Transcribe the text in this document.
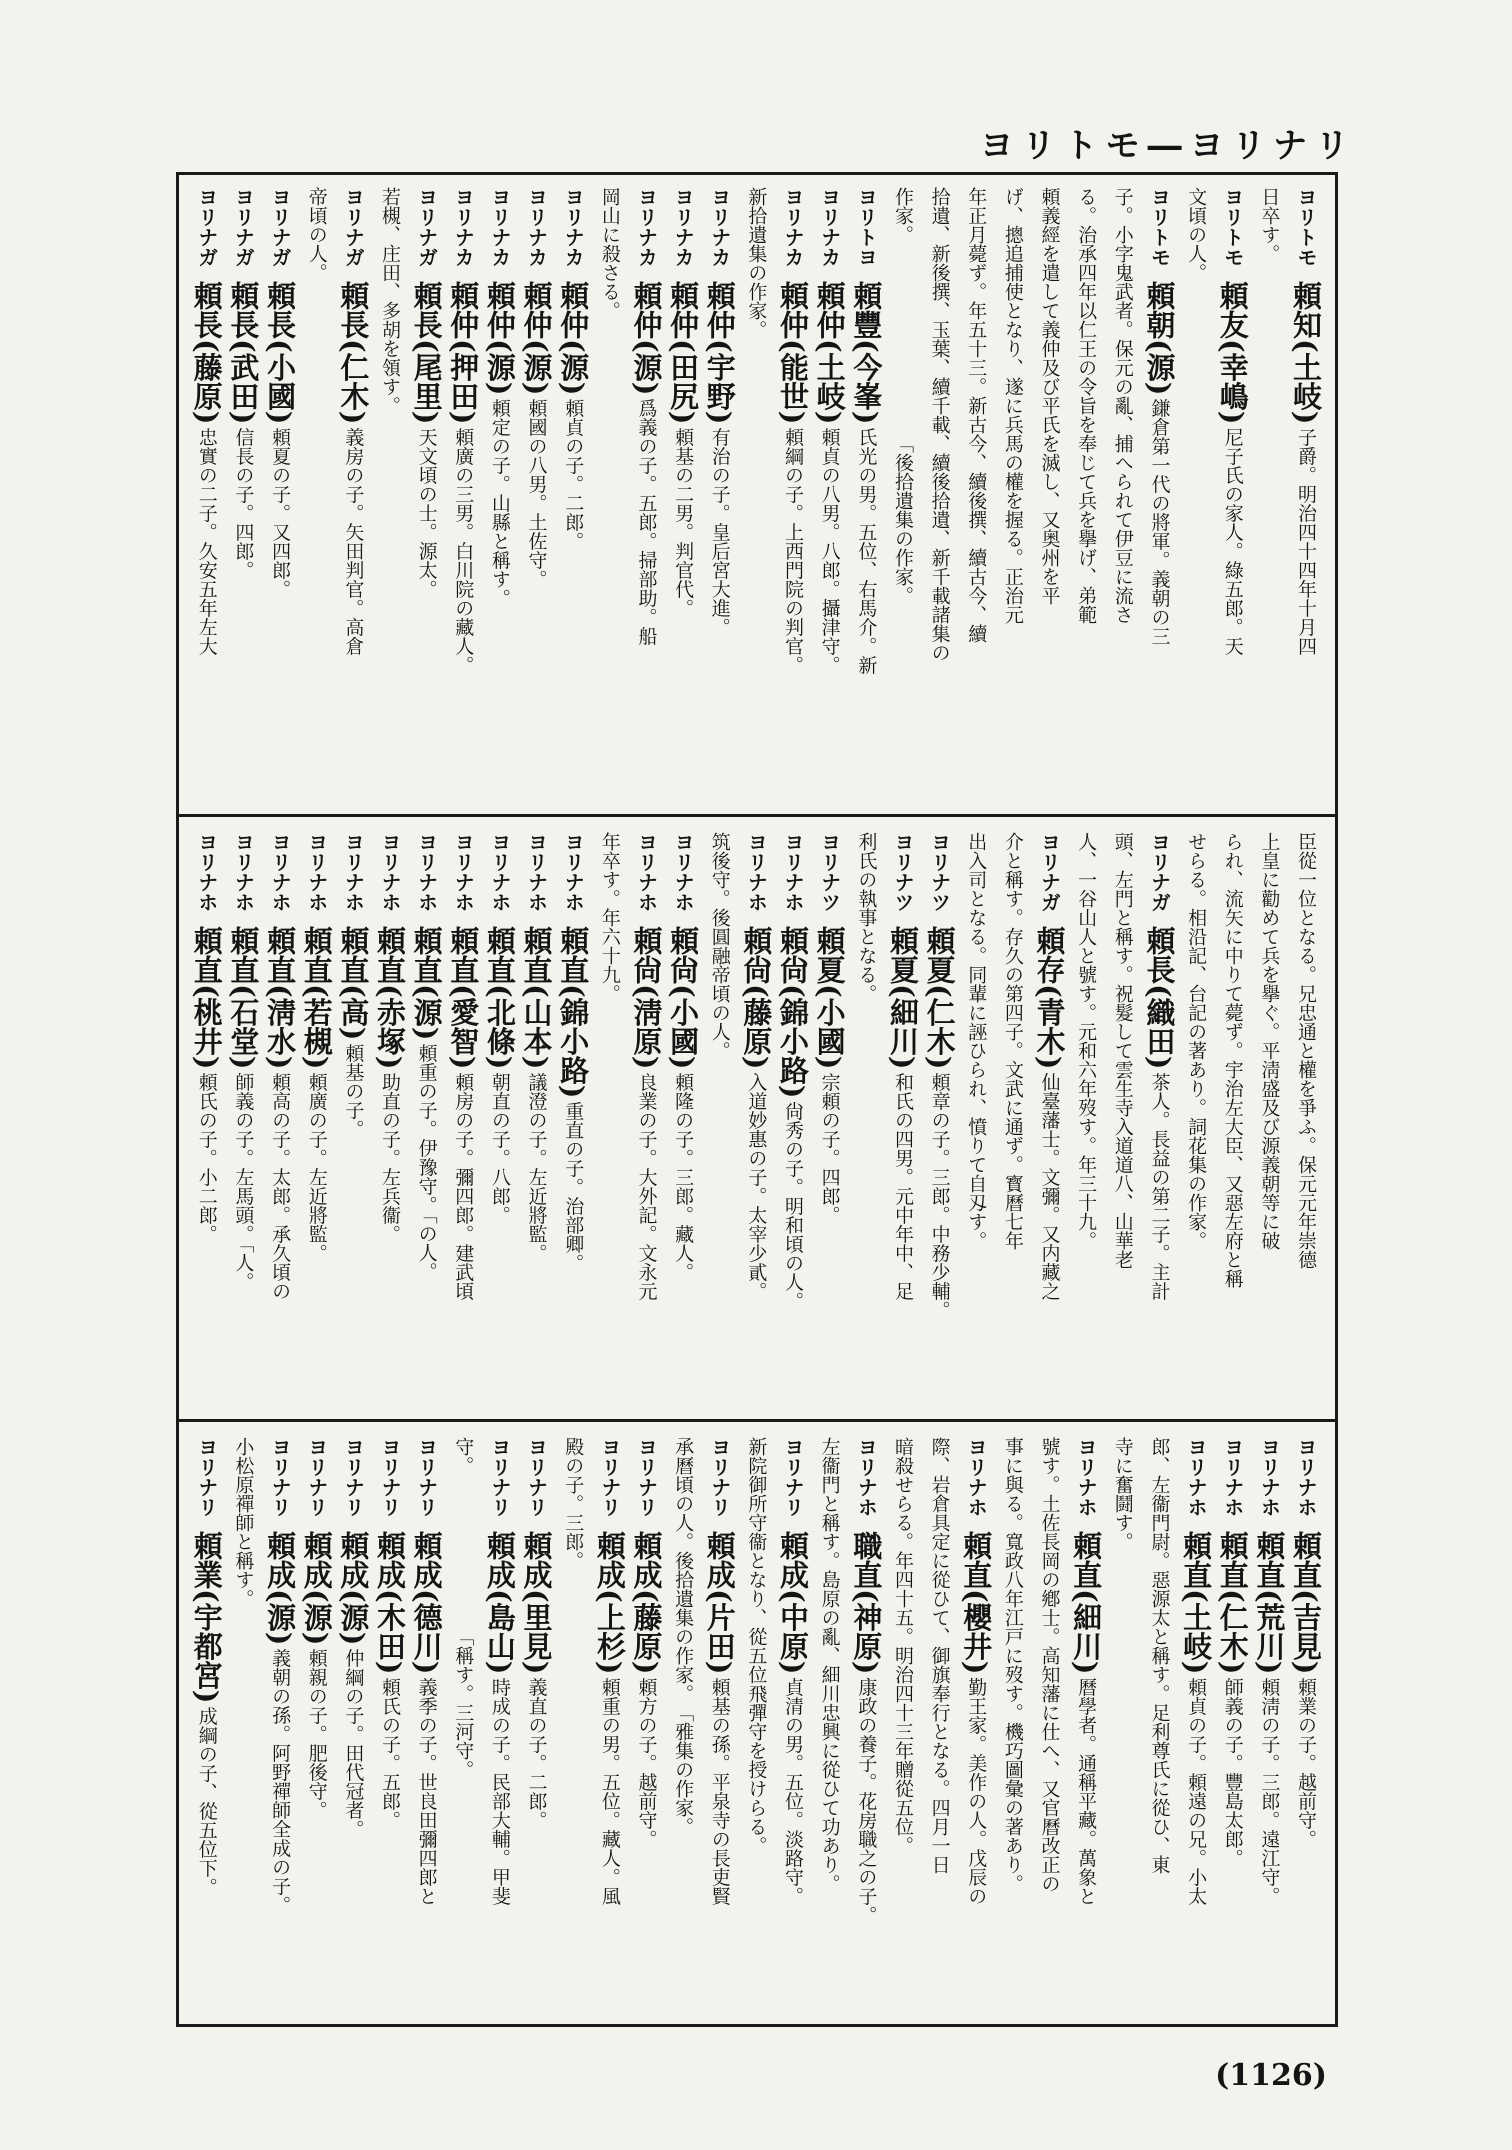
ヨリトモ―ヨリナリ
ヨリトモ頼知(土岐)子爵。明治四十四年十月四
日卒す。
ヨリトモ頼友(幸嶋)尼子氏の家人。綠五郎。天
文頃の人。
ヨリトモ頼朝(源)鎌倉第一代の將軍。義朝の三
子。小字鬼武者。保元の亂、捕へられて伊豆に流さ
る。治承四年以仁王の令旨を奉じて兵を擧げ、弟範
頼義經を遣して義仲及び平氏を滅し、又奥州を平
げ、摠追捕使となり、遂に兵馬の權を握る。正治元
年正月薨ず。年五十三。新古今、續後撰、續古今、續
拾遺、新後撰、玉葉、續千載、續後拾遺、新千載諸集の
作家。　　　　　　　　　　　「後拾遺集の作家。
ヨリトヨ頼豐(今峯)氏光の男。五位、右馬介。新
ヨリナカ頼仲(土岐)頼貞の八男。八郎。攝津守。
ヨリナカ頼仲(能世)頼綱の子。上西門院の判官。
新拾遺集の作家。
ヨリナカ頼仲(宇野)有治の子。皇后宮大進。
ヨリナカ頼仲(田尻)頼基の二男。判官代。
ヨリナカ頼仲(源)爲義の子。五郎。掃部助。船
岡山に殺さる。
ヨリナカ頼仲(源)頼貞の子。二郎。
ヨリナカ頼仲(源)頼國の八男。土佐守。
ヨリナカ頼仲(源)頼定の子。山縣と稱す。
ヨリナカ頼仲(押田)頼廣の三男。白川院の藏人。
ヨリナガ頼長(尾里)天文頃の士。源太。
若槻、庄田、多胡を領す。
ヨリナガ頼長(仁木)義房の子。矢田判官。高倉
帝頃の人。
ヨリナガ頼長(小國)頼夏の子。又四郎。
ヨリナガ頼長(武田)信長の子。四郎。
ヨリナガ頼長(藤原)忠實の二子。久安五年左大
臣從一位となる。兄忠通と權を爭ふ。保元元年崇德
上皇に勸めて兵を擧ぐ。平淸盛及び源義朝等に破
られ、流矢に中りて薨ず。宇治左大臣、又惡左府と稱
せらる。相沿記、台記の著あり。詞花集の作家。
ヨリナガ頼長(織田)茶人。長益の第二子。主計
頭、左門と稱す。祝髮して雲生寺入道道八、山華老
人、一谷山人と號す。元和六年歿す。年三十九。
ヨリナガ頼存(青木)仙臺藩士。文彌。又内藏之
介と稱す。存久の第四子。文武に通ず。寳曆七年
出入司となる。同輩に誣ひられ、憤りて自刄す。
ヨリナツ頼夏(仁木)頼章の子。三郎。中務少輔。
ヨリナツ頼夏(細川)和氏の四男。元中年中、足
利氏の執事となる。
ヨリナツ頼夏(小國)宗頼の子。四郎。
ヨリナホ頼尙(錦小路)尙秀の子。明和頃の人。
ヨリナホ頼尙(藤原)入道妙惠の子。太宰少貳。
筑後守。後圓融帝頃の人。
ヨリナホ頼尙(小國)頼隆の子。三郎。藏人。
ヨリナホ頼尙(淸原)良業の子。大外記。文永元
年卒す。年六十九。
ヨリナホ頼直(錦小路)重直の子。治部卿。
ヨリナホ頼直(山本)議澄の子。左近將監。
ヨリナホ頼直(北條)朝直の子。八郎。
ヨリナホ頼直(愛智)頼房の子。彌四郎。建武頃
ヨリナホ頼直(源)頼重の子。伊豫守。「の人。
ヨリナホ頼直(赤塚)助直の子。左兵衞。
ヨリナホ頼直(高)頼基の子。
ヨリナホ頼直(若槻)頼廣の子。左近將監。
ヨリナホ頼直(淸水)頼高の子。太郎。承久頃の
ヨリナホ頼直(石堂)師義の子。左馬頭。「人。
ヨリナホ頼直(桃井)頼氏の子。小二郎。
ヨリナホ頼直(吉見)頼業の子。越前守。
ヨリナホ頼直(荒川)頼淸の子。三郎。遠江守。
ヨリナホ頼直(仁木)師義の子。豐島太郎。
ヨリナホ頼直(土岐)頼貞の子。頼遠の兄。小太
郎、左衞門尉。惡源太と稱す。足利尊氏に從ひ、東
寺に奮鬪す。
ヨリナホ頼直(細川)曆學者。通稱平藏。萬象と
號す。土佐長岡の鄕士。高知藩に仕へ、又官曆改正の
事に與る。寬政八年江戸に歿す。機巧圖彙の著あり。
ヨリナホ頼直(櫻井)勤王家。美作の人。戊辰の
際、岩倉具定に從ひて、御旗奉行となる。四月一日
暗殺せらる。年四十五。明治四十三年贈從五位。
ヨリナホ職直(神原)康政の養子。花房職之の子。
左衞門と稱す。島原の亂、細川忠興に從ひて功あり。
ヨリナリ頼成(中原)貞清の男。五位。淡路守。
新院御所守衞となり、從五位飛彈守を授けらる。
ヨリナリ頼成(片田)頼基の孫。平泉寺の長吏賢
承曆頃の人。後拾遺集の作家。　「雅集の作家。
ヨリナリ頼成(藤原)頼方の子。越前守。
ヨリナリ頼成(上杉)頼重の男。五位。藏人。風
殿の子。三郎。
ヨリナリ頼成(里見)義直の子。二郎。
ヨリナリ頼成(島山)時成の子。民部大輔。甲斐
守。　　　　　　　　　「稱す。三河守。
ヨリナリ頼成(德川)義季の子。世良田彌四郎と
ヨリナリ頼成(木田)頼氏の子。五郎。
ヨリナリ頼成(源)仲綱の子。田代冠者。
ヨリナリ頼成(源)頼親の子。肥後守。
ヨリナリ頼成(源)義朝の孫。阿野禪師全成の子。
小松原禪師と稱す。
ヨリナリ頼業(宇都宮)成綱の子、從五位下。
(1126)
